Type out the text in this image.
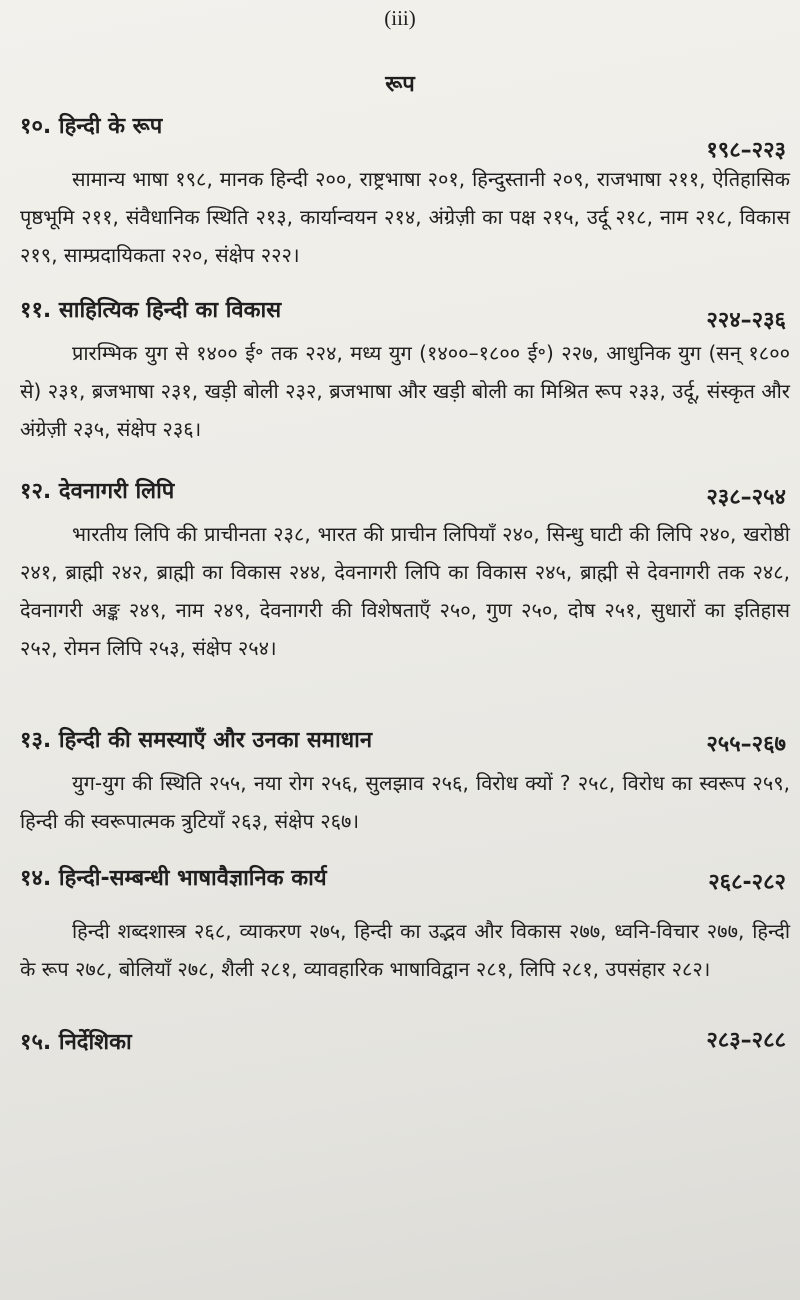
(iii)
रूप
१०. हिन्दी के रूप
१९८–२२३

सामान्य भाषा १९८, मानक हिन्दी २००, राष्ट्रभाषा २०१, हिन्दुस्तानी २०९, राजभाषा २११, ऐतिहासिक पृष्ठभूमि २११, संवैधानिक स्थिति २१३, कार्यान्वयन २१४, अंग्रेज़ी का पक्ष २१५, उर्दू २१८, नाम २१८, विकास २१९, साम्प्रदायिकता २२०, संक्षेप २२२।

११. साहित्यिक हिन्दी का विकास	२२४–२३६

प्रारम्भिक युग से १४०० ई॰ तक २२४, मध्य युग (१४००–१८०० ई॰) २२७, आधुनिक युग (सन् १८०० से) २३१, ब्रजभाषा २३१, खड़ी बोली २३२, ब्रजभाषा और खड़ी बोली का मिश्रित रूप २३३, उर्दू, संस्कृत और अंग्रेज़ी २३५, संक्षेप २३६।

१२. देवनागरी लिपि	२३८–२५४

भारतीय लिपि की प्राचीनता २३८, भारत की प्राचीन लिपियाँ २४०, सिन्धु घाटी की लिपि २४०, खरोष्ठी २४१, ब्राह्मी २४२, ब्राह्मी का विकास २४४, देवनागरी लिपि का विकास २४५, ब्राह्मी से देवनागरी तक २४८, देवनागरी अङ्क २४९, नाम २४९, देवनागरी की विशेषताएँ २५०, गुण २५०, दोष २५१, सुधारों का इतिहास २५२, रोमन लिपि २५३, संक्षेप २५४।

१३. हिन्दी की समस्याएँ और उनका समाधान	२५५–२६७

युग-युग की स्थिति २५५, नया रोग २५६, सुलझाव २५६, विरोध क्यों ? २५८, विरोध का स्वरूप २५९, हिन्दी की स्वरूपात्मक त्रुटियाँ २६३, संक्षेप २६७।

१४. हिन्दी-सम्बन्धी भाषावैज्ञानिक कार्य	२६८-२८२

हिन्दी शब्दशास्त्र २६८, व्याकरण २७५, हिन्दी का उद्भव और विकास २७७, ध्वनि-विचार २७७, हिन्दी के रूप २७८, बोलियाँ २७८, शैली २८१, व्यावहारिक भाषाविद्वान २८१, लिपि २८१, उपसंहार २८२।

१५. निर्देशिका	२८३–२८८
